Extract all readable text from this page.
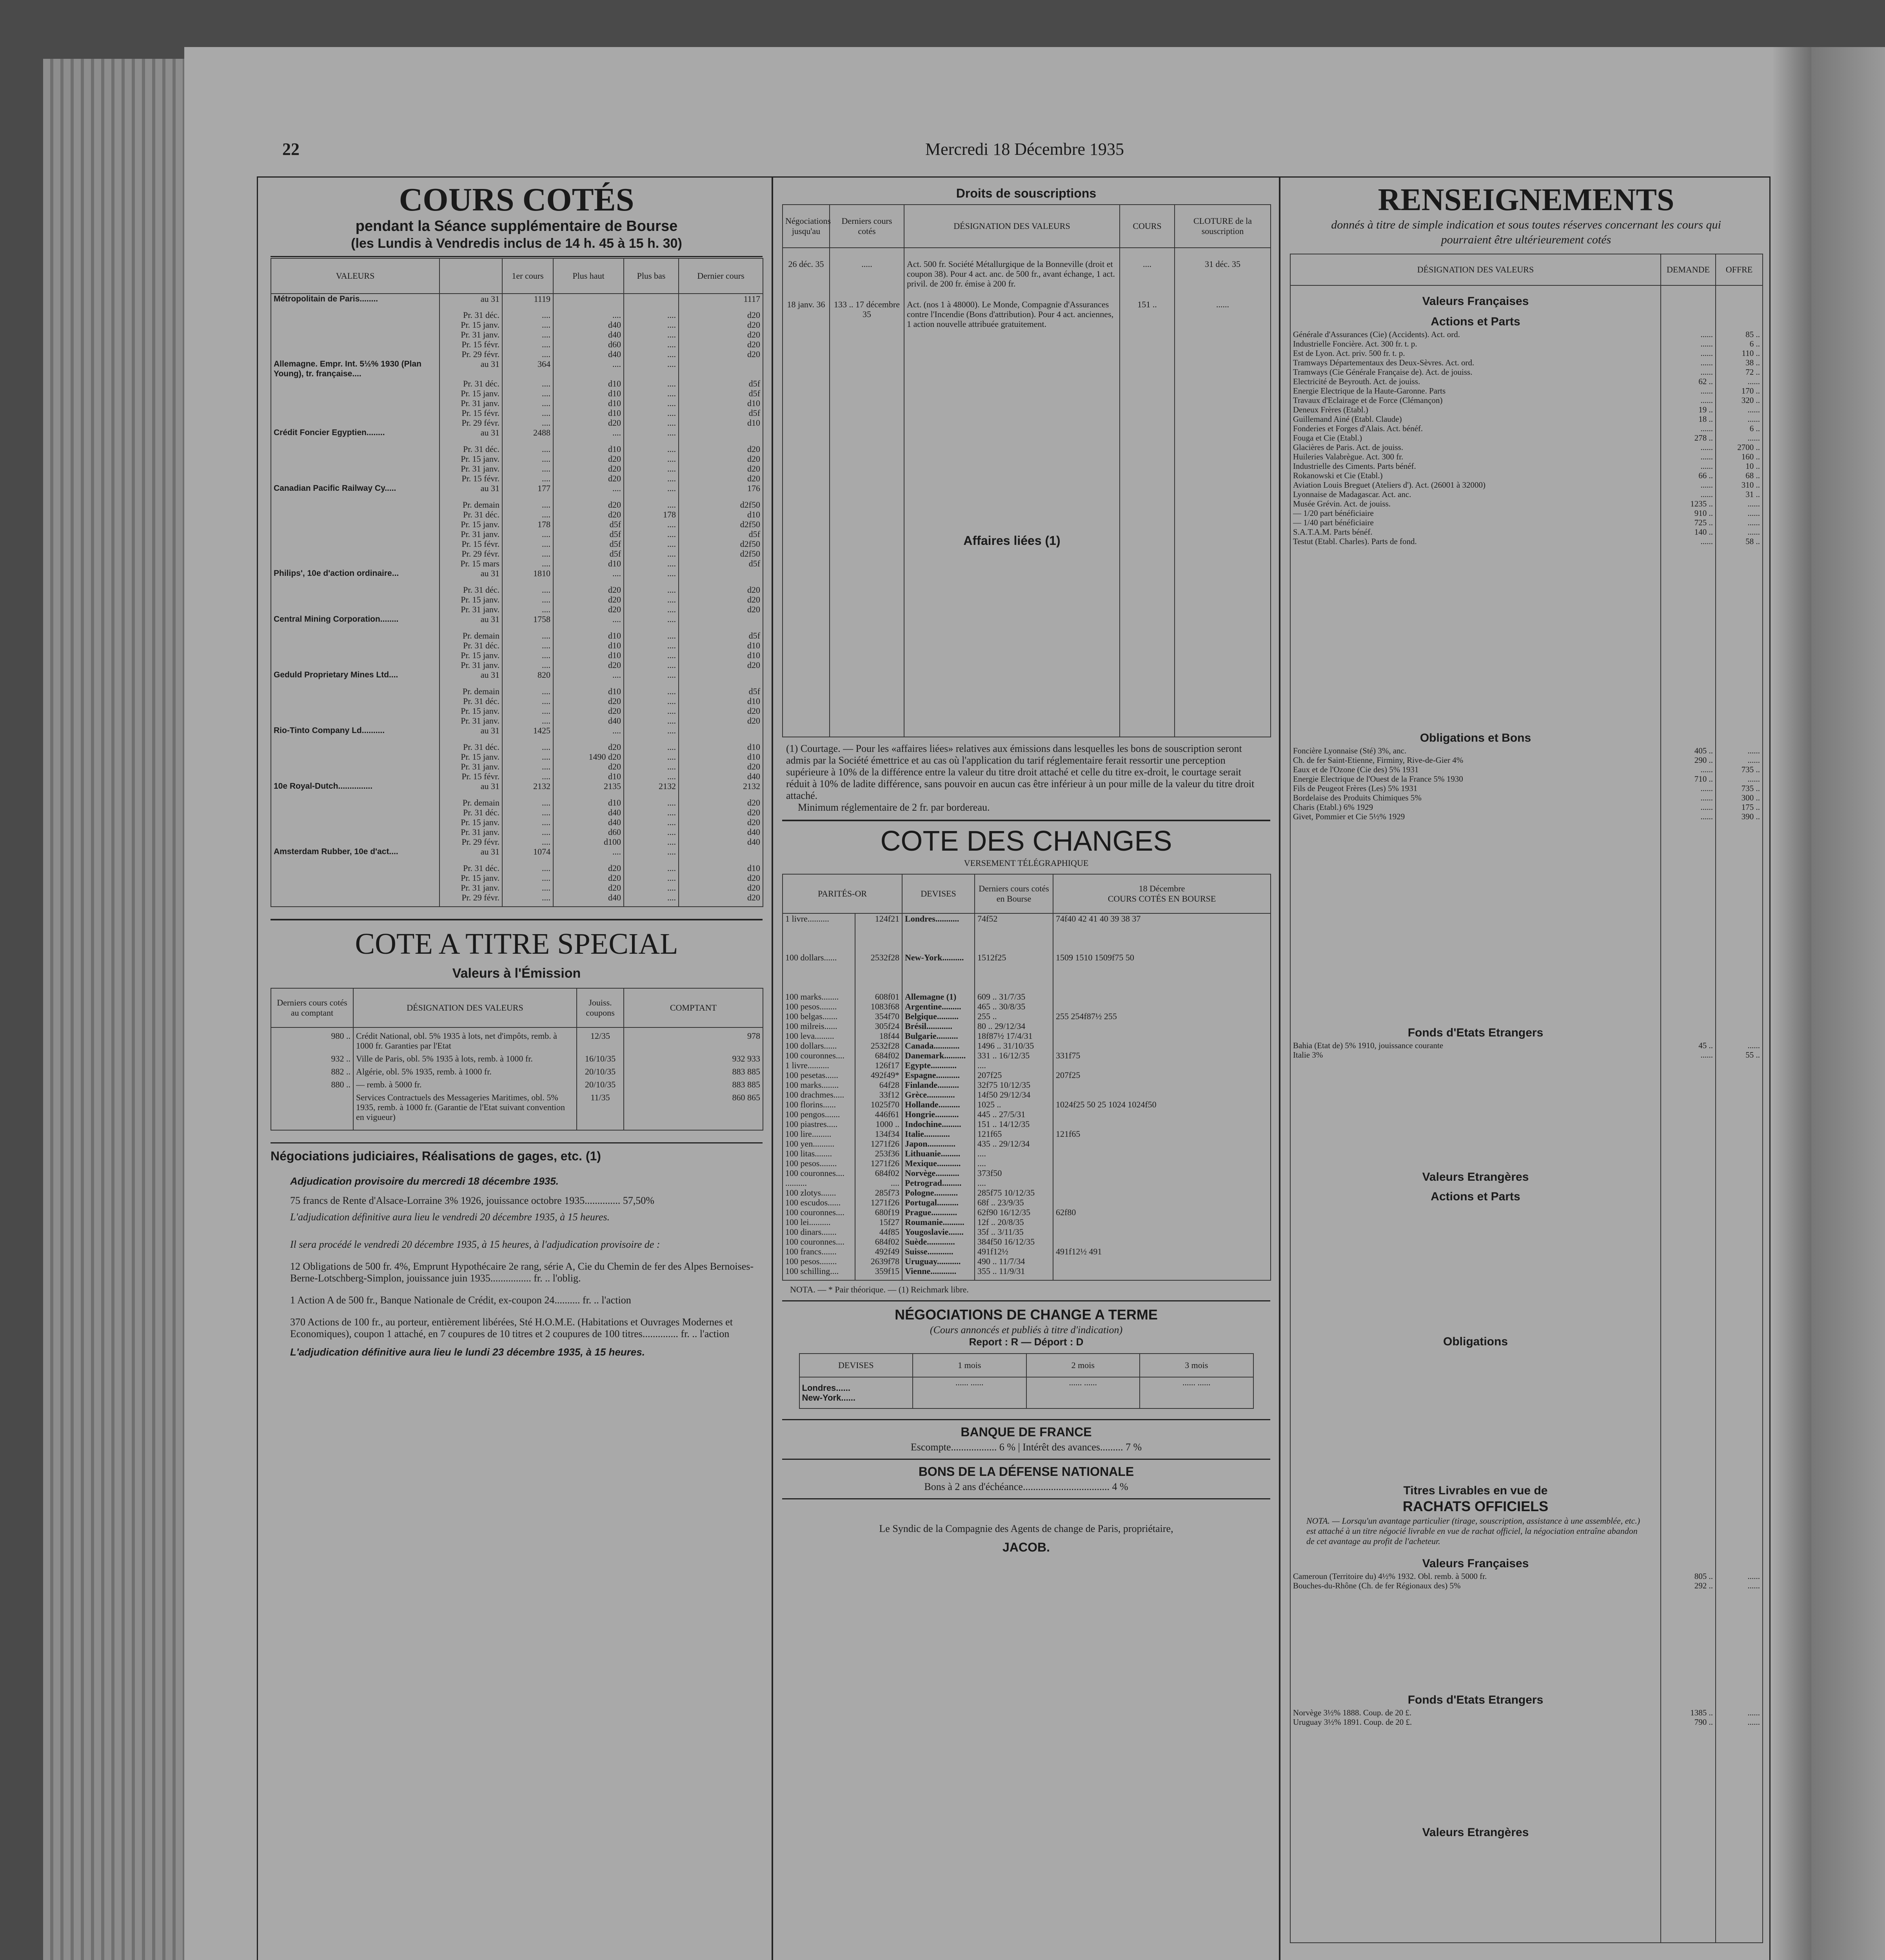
22	Mercredi 18 Décembre 1935
COURS COTÉS
pendant la Séance supplémentaire de Bourse
(les Lundis à Vendredis inclus de 14 h. 45 à 15 h. 30)
VALEURS		1er cours	Plus haut	Plus bas	Dernier cours
Métropolitain de Paris........	au 31	1119			1117
	Pr. 31 déc.	....	....	....	d20
	Pr. 15 janv.	....	d40	....	d20
	Pr. 31 janv.	....	d40	....	d20
	Pr. 15 févr.	....	d60	....	d20
	Pr. 29 févr.	....	d40	....	d20
Allemagne. Empr. Int. 5½% 1930 (Plan Young), tr. française....	au 31	364	....	....	
	Pr. 31 déc.	....	d10	....	d5f
	Pr. 15 janv.	....	d10	....	d5f
	Pr. 31 janv.	....	d10	....	d10
	Pr. 15 févr.	....	d10	....	d5f
	Pr. 29 févr.	....	d20	....	d10
Crédit Foncier Egyptien........	au 31	2488	....	....	
	Pr. 31 déc.	....	d10	....	d20
	Pr. 15 janv.	....	d20	....	d20
	Pr. 31 janv.	....	d20	....	d20
	Pr. 15 févr.	....	d20	....	d20
Canadian Pacific Railway Cy.....	au 31	177	....	....	176
	Pr. demain	....	d20	....	d2f50
	Pr. 31 déc.	....	d20	178	d10
	Pr. 15 janv.	178	d5f	....	d2f50
	Pr. 31 janv.	....	d5f	....	d5f
	Pr. 15 févr.	....	d5f	....	d2f50
	Pr. 29 févr.	....	d5f	....	d2f50
	Pr. 15 mars	....	d10	....	d5f
Philips', 10e d'action ordinaire...	au 31	1810	....	....	
	Pr. 31 déc.	....	d20	....	d20
	Pr. 15 janv.	....	d20	....	d20
	Pr. 31 janv.	....	d20	....	d20
Central Mining Corporation........	au 31	1758	....	....	
	Pr. demain	....	d10	....	d5f
	Pr. 31 déc.	....	d10	....	d10
	Pr. 15 janv.	....	d10	....	d10
	Pr. 31 janv.	....	d20	....	d20
Geduld Proprietary Mines Ltd....	au 31	820	....	....	
	Pr. demain	....	d10	....	d5f
	Pr. 31 déc.	....	d20	....	d10
	Pr. 15 janv.	....	d20	....	d20
	Pr. 31 janv.	....	d40	....	d20
Rio-Tinto Company Ld..........	au 31	1425	....	....	
	Pr. 31 déc.	....	d20	....	d10
	Pr. 15 janv.	....	1490 d20	....	d10
	Pr. 31 janv.	....	d20	....	d20
	Pr. 15 févr.	....	d10	....	d40
10e Royal-Dutch...............	au 31	2132	2135	2132	2132
	Pr. demain	....	d10	....	d20
	Pr. 31 déc.	....	d40	....	d20
	Pr. 15 janv.	....	d40	....	d20
	Pr. 31 janv.	....	d60	....	d40
	Pr. 29 févr.	....	d100	....	d40
Amsterdam Rubber, 10e d'act....	au 31	1074	....	....	
	Pr. 31 déc.	....	d20	....	d10
	Pr. 15 janv.	....	d20	....	d20
	Pr. 31 janv.	....	d20	....	d20
	Pr. 29 févr.	....	d40	....	d20

COTE A TITRE SPECIAL
Valeurs à l'Émission
Derniers cours cotés au comptant	DÉSIGNATION DES VALEURS	Jouiss. coupons	COMPTANT
980 ..	Crédit National, obl. 5% 1935 à lots, net d'impôts, remb. à 1000 fr. Garanties par l'Etat	12/35	978
932 ..	Ville de Paris, obl. 5% 1935 à lots, remb. à 1000 fr.	16/10/35	932 933
882 ..	Algérie, obl. 5% 1935, remb. à 1000 fr.	20/10/35	883 885
880 ..	— remb. à 5000 fr.	20/10/35	883 885
	Services Contractuels des Messageries Maritimes, obl. 5% 1935, remb. à 1000 fr. (Garantie de l'Etat suivant convention en vigueur)	11/35	860 865

Négociations judiciaires, Réalisations de gages, etc. (1)
Adjudication provisoire du mercredi 18 décembre 1935.
75 francs de Rente d'Alsace-Lorraine 3% 1926, jouissance octobre 1935.............. 57,50%
L'adjudication définitive aura lieu le vendredi 20 décembre 1935, à 15 heures.
Il sera procédé le vendredi 20 décembre 1935, à 15 heures, à l'adjudication provisoire de :
12 Obligations de 500 fr. 4%, Emprunt Hypothécaire 2e rang, série A, Cie du Chemin de fer des Alpes Bernoises-Berne-Lotschberg-Simplon, jouissance juin 1935................ fr. .. l'oblig.
1 Action A de 500 fr., Banque Nationale de Crédit, ex-coupon 24.......... fr. .. l'action
370 Actions de 100 fr., au porteur, entièrement libérées, Sté H.O.M.E. (Habitations et Ouvrages Modernes et Economiques), coupon 1 attaché, en 7 coupures de 10 titres et 2 coupures de 100 titres.............. fr. .. l'action
L'adjudication définitive aura lieu le lundi 23 décembre 1935, à 15 heures.
Droits de souscriptions
Négociations jusqu'au	Derniers cours cotés	DÉSIGNATION DES VALEURS	COURS	CLOTURE de la souscription
26 déc. 35	.....	Act. 500 fr. Société Métallurgique de la Bonneville (droit et coupon 38). Pour 4 act. anc. de 500 fr., avant échange, 1 act. privil. de 200 fr. émise à 200 fr.	....	31 déc. 35
18 janv. 36	133 .. 17 décembre 35	Act. (nos 1 à 48000). Le Monde, Compagnie d'Assurances contre l'Incendie (Bons d'attribution). Pour 4 act. anciennes, 1 action nouvelle attribuée gratuitement.	151 ..	......

		Affaires liées (1)		

(1) Courtage. — Pour les «affaires liées» relatives aux émissions dans lesquelles les bons de souscription seront admis par la Société émettrice et au cas où l'application du tarif réglementaire ferait ressortir une perception supérieure à 10% de la différence entre la valeur du titre droit attaché et celle du titre ex-droit, le courtage serait réduit à 10% de ladite différence, sans pouvoir en aucun cas être inférieur à un pour mille de la valeur du titre droit attaché.
Minimum réglementaire de 2 fr. par bordereau.
COTE DES CHANGES
VERSEMENT TÉLÉGRAPHIQUE
PARITÉS-OR		DEVISES	Derniers cours cotés en Bourse	18 Décembre
COURS COTÉS EN BOURSE

1 livre..........	124f21	Londres...........	74f52	74f40 42 41 40 39 38 37
100 dollars......	2532f28	New-York..........	1512f25	1509 1510 1509f75 50
100 marks........	608f01	Allemagne (1)	609 .. 31/7/35	
100 pesos........	1083f68	Argentine.........	465 .. 30/8/35	
100 belgas.......	354f70	Belgique..........	255 ..	255 254f87½ 255
100 milreis......	305f24	Brésil............	80 .. 29/12/34	
100 leva.........	18f44	Bulgarie..........	18f87½ 17/4/31	
100 dollars......	2532f28	Canada............	1496 .. 31/10/35	
100 couronnes....	684f02	Danemark..........	331 .. 16/12/35	331f75
1 livre..........	126f17	Egypte............	....	
100 pesetas......	492f49*	Espagne...........	207f25	207f25
100 marks........	64f28	Finlande..........	32f75 10/12/35	
100 drachmes.....	33f12	Grèce.............	14f50 29/12/34	
100 florins......	1025f70	Hollande..........	1025 ..	1024f25 50 25 1024 1024f50
100 pengos.......	446f61	Hongrie...........	445 .. 27/5/31	
100 piastres.....	1000 ..	Indochine.........	151 .. 14/12/35	
100 lire.........	134f34	Italie............	121f65	121f65
100 yen..........	1271f26	Japon.............	435 .. 29/12/34	
100 litas........	253f36	Lithuanie.........	....	
100 pesos........	1271f26	Mexique...........	....	
100 couronnes....	684f02	Norvège...........	373f50	
..........	....	Petrograd.........	....	
100 zlotys.......	285f73	Pologne...........	285f75 10/12/35	
100 escudos......	1271f26	Portugal..........	68f .. 23/9/35	
100 couronnes....	680f19	Prague............	62f90 16/12/35	62f80
100 lei..........	15f27	Roumanie..........	12f .. 20/8/35	
100 dinars.......	44f85	Yougoslavie.......	35f .. 3/11/35	
100 couronnes....	684f02	Suède.............	384f50 16/12/35	
100 francs.......	492f49	Suisse............	491f12½	491f12½ 491
100 pesos........	2639f78	Uruguay...........	490 .. 11/7/34	
100 schilling....	359f15	Vienne............	355 .. 11/9/31	

NOTA. — * Pair théorique. — (1) Reichmark libre.
NÉGOCIATIONS DE CHANGE A TERME
(Cours annoncés et publiés à titre d'indication)
Report : R — Déport : D
DEVISES	1 mois	2 mois	3 mois
Londres......	...... ......	...... ......	...... ......
New-York......			
BANQUE DE FRANCE
Escompte.................. 6 % | Intérêt des avances......... 7 %
BONS DE LA DÉFENSE NATIONALE
Bons à 2 ans d'échéance.................................. 4 %
Le Syndic de la Compagnie des Agents de change de Paris, propriétaire,
JACOB.
RENSEIGNEMENTS
donnés à titre de simple indication et sous toutes réserves concernant les cours qui pourraient être ultérieurement cotés
DÉSIGNATION DES VALEURS	DEMANDE	OFFRE
Valeurs Françaises		
Actions et Parts		
Générale d'Assurances (Cie) (Accidents). Act. ord.	......	85 ..
Industrielle Foncière. Act. 300 fr. t. p.	......	6 ..
Est de Lyon. Act. priv. 500 fr. t. p.	......	110 ..
Tramways Départementaux des Deux-Sèvres. Act. ord.	......	38 ..
Tramways (Cie Générale Française de). Act. de jouiss.	......	72 ..
Electricité de Beyrouth. Act. de jouiss.	62 ..	......
Energie Electrique de la Haute-Garonne. Parts	......	170 ..
Travaux d'Eclairage et de Force (Clémançon)	......	320 ..
Deneux Frères (Etabl.)	19 ..	......
Guillemand Ainé (Etabl. Claude)	18 ..	......
Fonderies et Forges d'Alais. Act. bénéf.	......	6 ..
Fouga et Cie (Etabl.)	278 ..	......
Glacières de Paris. Act. de jouiss.	......	2700 ..
Huileries Valabrègue. Act. 300 fr.	......	160 ..
Industrielle des Ciments. Parts bénéf.	......	10 ..
Rokanowski et Cie (Etabl.)	66 ..	68 ..
Aviation Louis Breguet (Ateliers d'). Act. (26001 à 32000)	......	310 ..
Lyonnaise de Madagascar. Act. anc.	......	31 ..
Musée Grévin. Act. de jouiss.	1235 ..	......
— 1/20 part bénéficiaire	910 ..	......
— 1/40 part bénéficiaire	725 ..	......
S.A.T.A.M. Parts bénéf.	140 ..	......
Testut (Etabl. Charles). Parts de fond.	......	58 ..

Obligations et Bons		
Foncière Lyonnaise (Sté) 3%, anc.	405 ..	......
Ch. de fer Saint-Etienne, Firminy, Rive-de-Gier 4%	290 ..	......
Eaux et de l'Ozone (Cie des) 5% 1931	......	735 ..
Energie Electrique de l'Ouest de la France 5% 1930	710 ..	......
Fils de Peugeot Frères (Les) 5% 1931	......	735 ..
Bordelaise des Produits Chimiques 5%	......	300 ..
Charis (Etabl.) 6% 1929	......	175 ..
Givet, Pommier et Cie 5½% 1929	......	390 ..

Fonds d'Etats Etrangers		
Bahia (Etat de) 5% 1910, jouissance courante	45 ..	......
Italie 3%	......	55 ..

Valeurs Etrangères		
Actions et Parts		

Obligations		

Titres Livrables en vue de		
RACHATS OFFICIELS		
NOTA. — Lorsqu'un avantage particulier (tirage, souscription, assistance à une assemblée, etc.) est attaché à un titre négocié livrable en vue de rachat officiel, la négociation entraîne abandon de cet avantage au profit de l'acheteur.		
Valeurs Françaises		
Cameroun (Territoire du) 4½% 1932. Obl. remb. à 5000 fr.	805 ..	......
Bouches-du-Rhône (Ch. de fer Régionaux des) 5%	292 ..	......

Fonds d'Etats Etrangers		
Norvège 3½% 1888. Coup. de 20 £.	1385 ..	......
Uruguay 3½% 1891. Coup. de 20 £.	790 ..	......

Valeurs Etrangères		
